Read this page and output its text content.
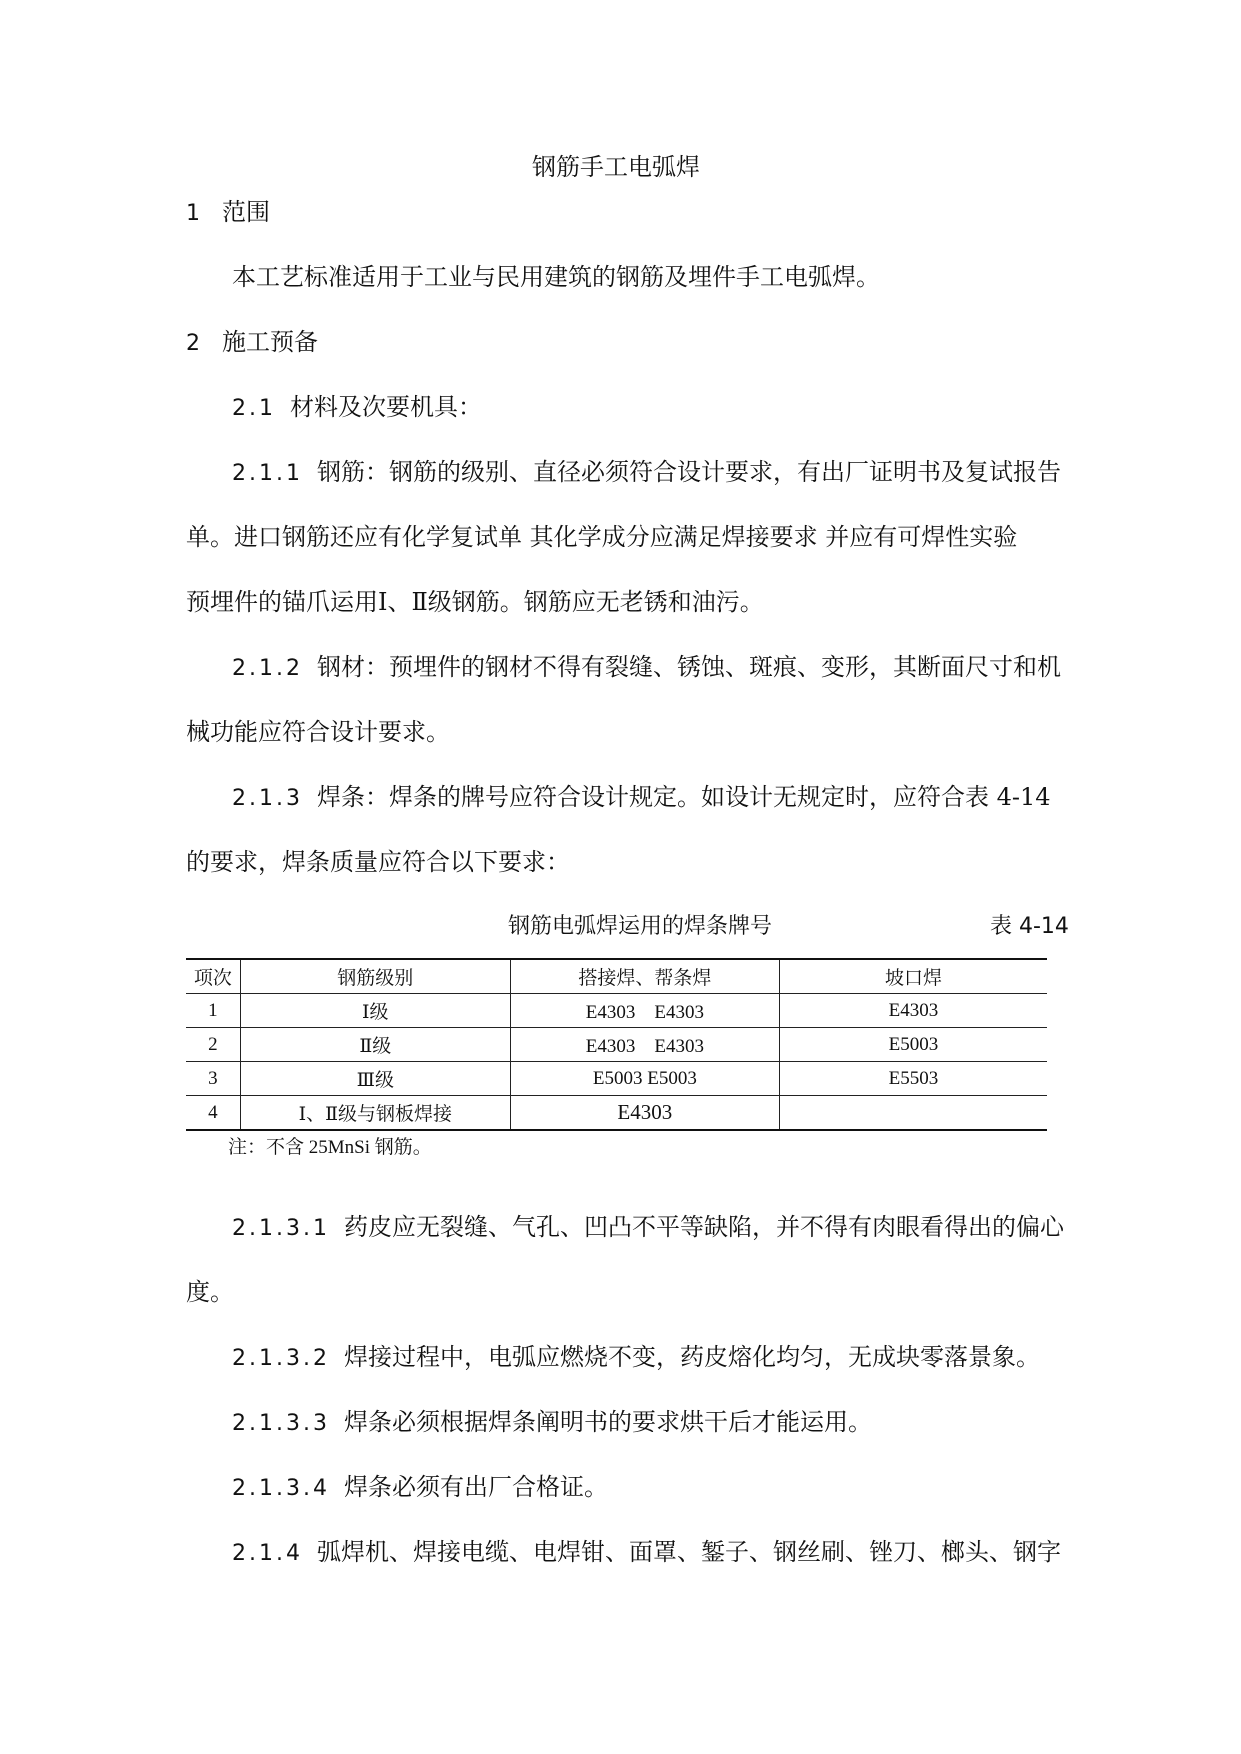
钢筋手工电弧焊
1 范围
本工艺标准适用于工业与民用建筑的钢筋及埋件手工电弧焊。
2 施工预备
2.1 材料及次要机具：
2.1.1 钢筋：钢筋的级别、直径必须符合设计要求，有出厂证明书及复试报告
单。进口钢筋还应有化学复试单 其化学成分应满足焊接要求 并应有可焊性实验
预埋件的锚爪运用Ⅰ、Ⅱ级钢筋。钢筋应无老锈和油污。
2.1.2 钢材：预埋件的钢材不得有裂缝、锈蚀、斑痕、变形，其断面尺寸和机
械功能应符合设计要求。
2.1.3 焊条：焊条的牌号应符合设计规定。如设计无规定时，应符合表 4-14
的要求，焊条质量应符合以下要求：
钢筋电弧焊运用的焊条牌号	表 4-14
项次	钢筋级别	搭接焊、帮条焊	坡口焊
1	Ⅰ级	E4303　E4303	E4303
2	Ⅱ级	E4303　E4303	E5003
3	Ⅲ级	E5003 E5003	E5503
4	Ⅰ、Ⅱ级与钢板焊接	E4303	
注：不含 25MnSi 钢筋。
2.1.3.1 药皮应无裂缝、气孔、凹凸不平等缺陷，并不得有肉眼看得出的偏心
度。
2.1.3.2 焊接过程中，电弧应燃烧不变，药皮熔化均匀，无成块零落景象。
2.1.3.3 焊条必须根据焊条阐明书的要求烘干后才能运用。
2.1.3.4 焊条必须有出厂合格证。
2.1.4 弧焊机、焊接电缆、电焊钳、面罩、錾子、钢丝刷、锉刀、榔头、钢字
